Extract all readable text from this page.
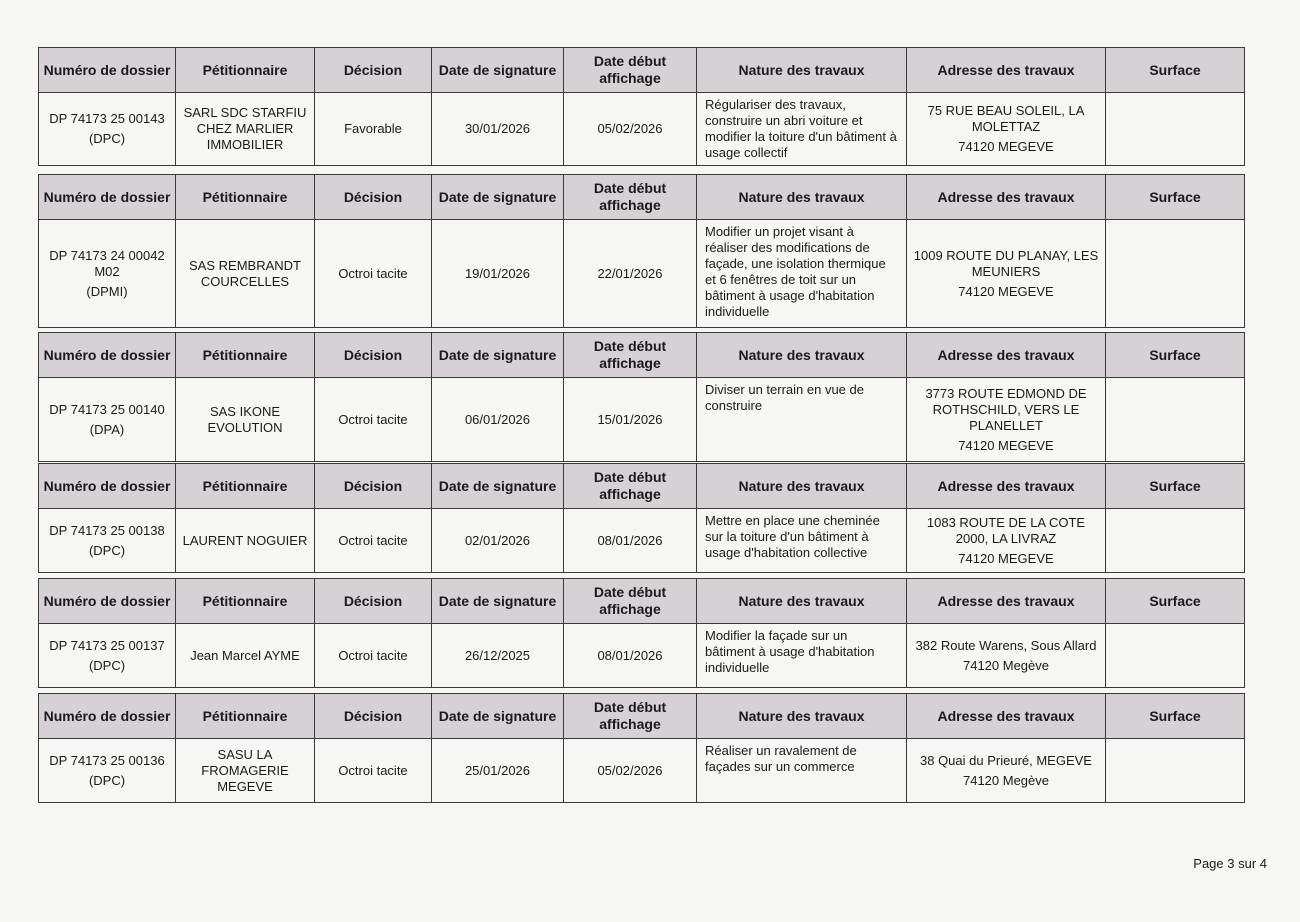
Numéro de dossier	Pétitionnaire	Décision	Date de signature	Date début affichage	Nature des travaux	Adresse des travaux	Surface

DP 74173 25 00143
(DPC)	SARL SDC STARFIU CHEZ MARLIER IMMOBILIER	Favorable	30/01/2026	05/02/2026	Régulariser des travaux, construire un abri voiture et modifier la toiture d'un bâtiment à usage collectif	75 RUE BEAU SOLEIL, LA MOLETTAZ
74120 MEGEVE	

Numéro de dossier	Pétitionnaire	Décision	Date de signature	Date début affichage	Nature des travaux	Adresse des travaux	Surface

DP 74173 24 00042 M02
(DPMI)	SAS REMBRANDT COURCELLES	Octroi tacite	19/01/2026	22/01/2026	Modifier un projet visant à réaliser des modifications de façade, une isolation thermique et 6 fenêtres de toit sur un bâtiment à usage d'habitation individuelle	1009 ROUTE DU PLANAY, LES MEUNIERS
74120 MEGEVE	

Numéro de dossier	Pétitionnaire	Décision	Date de signature	Date début affichage	Nature des travaux	Adresse des travaux	Surface

DP 74173 25 00140
(DPA)	SAS IKONE EVOLUTION	Octroi tacite	06/01/2026	15/01/2026	Diviser un terrain en vue de construire	3773 ROUTE EDMOND DE ROTHSCHILD, VERS LE PLANELLET
74120 MEGEVE	

Numéro de dossier	Pétitionnaire	Décision	Date de signature	Date début affichage	Nature des travaux	Adresse des travaux	Surface

DP 74173 25 00138
(DPC)	LAURENT NOGUIER	Octroi tacite	02/01/2026	08/01/2026	Mettre en place une cheminée sur la toiture d'un bâtiment à usage d'habitation collective	1083 ROUTE DE LA COTE 2000, LA LIVRAZ
74120 MEGEVE	

Numéro de dossier	Pétitionnaire	Décision	Date de signature	Date début affichage	Nature des travaux	Adresse des travaux	Surface

DP 74173 25 00137
(DPC)	Jean Marcel AYME	Octroi tacite	26/12/2025	08/01/2026	Modifier la façade sur un bâtiment à usage d'habitation individuelle	382 Route Warens, Sous Allard
74120 Megève	

Numéro de dossier	Pétitionnaire	Décision	Date de signature	Date début affichage	Nature des travaux	Adresse des travaux	Surface

DP 74173 25 00136
(DPC)	SASU LA FROMAGERIE MEGEVE	Octroi tacite	25/01/2026	05/02/2026	Réaliser un ravalement de façades sur un commerce	38 Quai du Prieuré, MEGEVE
74120 Megève	

Page 3 sur 4
